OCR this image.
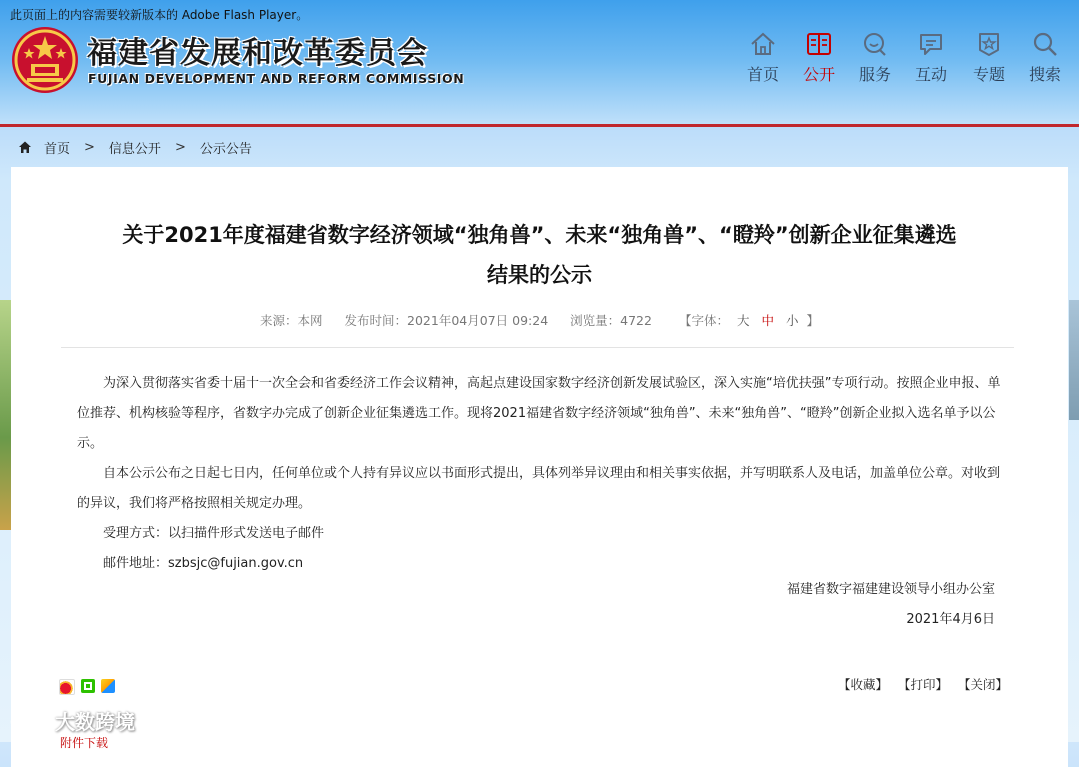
此页面上的内容需要较新版本的 Adobe Flash Player。
福建省发展和改革委员会
FUJIAN DEVELOPMENT AND REFORM COMMISSION	首页	公开	服务	互动	专题	搜索
首页 > 信息公开 > 公示公告
关于2021年度福建省数字经济领域“独角兽”、未来“独角兽”、“瞪羚”创新企业征集遴选
结果的公示
来源：本网 发布时间：2021年04月07日 09:24 浏览量：4722 【字体： 大 中 小 】

为深入贯彻落实省委十届十一次全会和省委经济工作会议精神，高起点建设国家数字经济创新发展试验区，深入实施“培优扶强”专项行动。按照企业申报、单位推荐、机构核验等程序，省数字办完成了创新企业征集遴选工作。现将2021福建省数字经济领域“独角兽”、未来“独角兽”、“瞪羚”创新企业拟入选名单予以公示。

自本公示公布之日起七日内，任何单位或个人持有异议应以书面形式提出，具体列举异议理由和相关事实依据，并写明联系人及电话，加盖单位公章。对收到的异议，我们将严格按照相关规定办理。

受理方式：以扫描件形式发送电子邮件

邮件地址：szbsjc@fujian.gov.cn

福建省数字福建建设领导小组办公室
2021年4月6日
【收藏】 【打印】 【关闭】
大数跨境
附件下载
